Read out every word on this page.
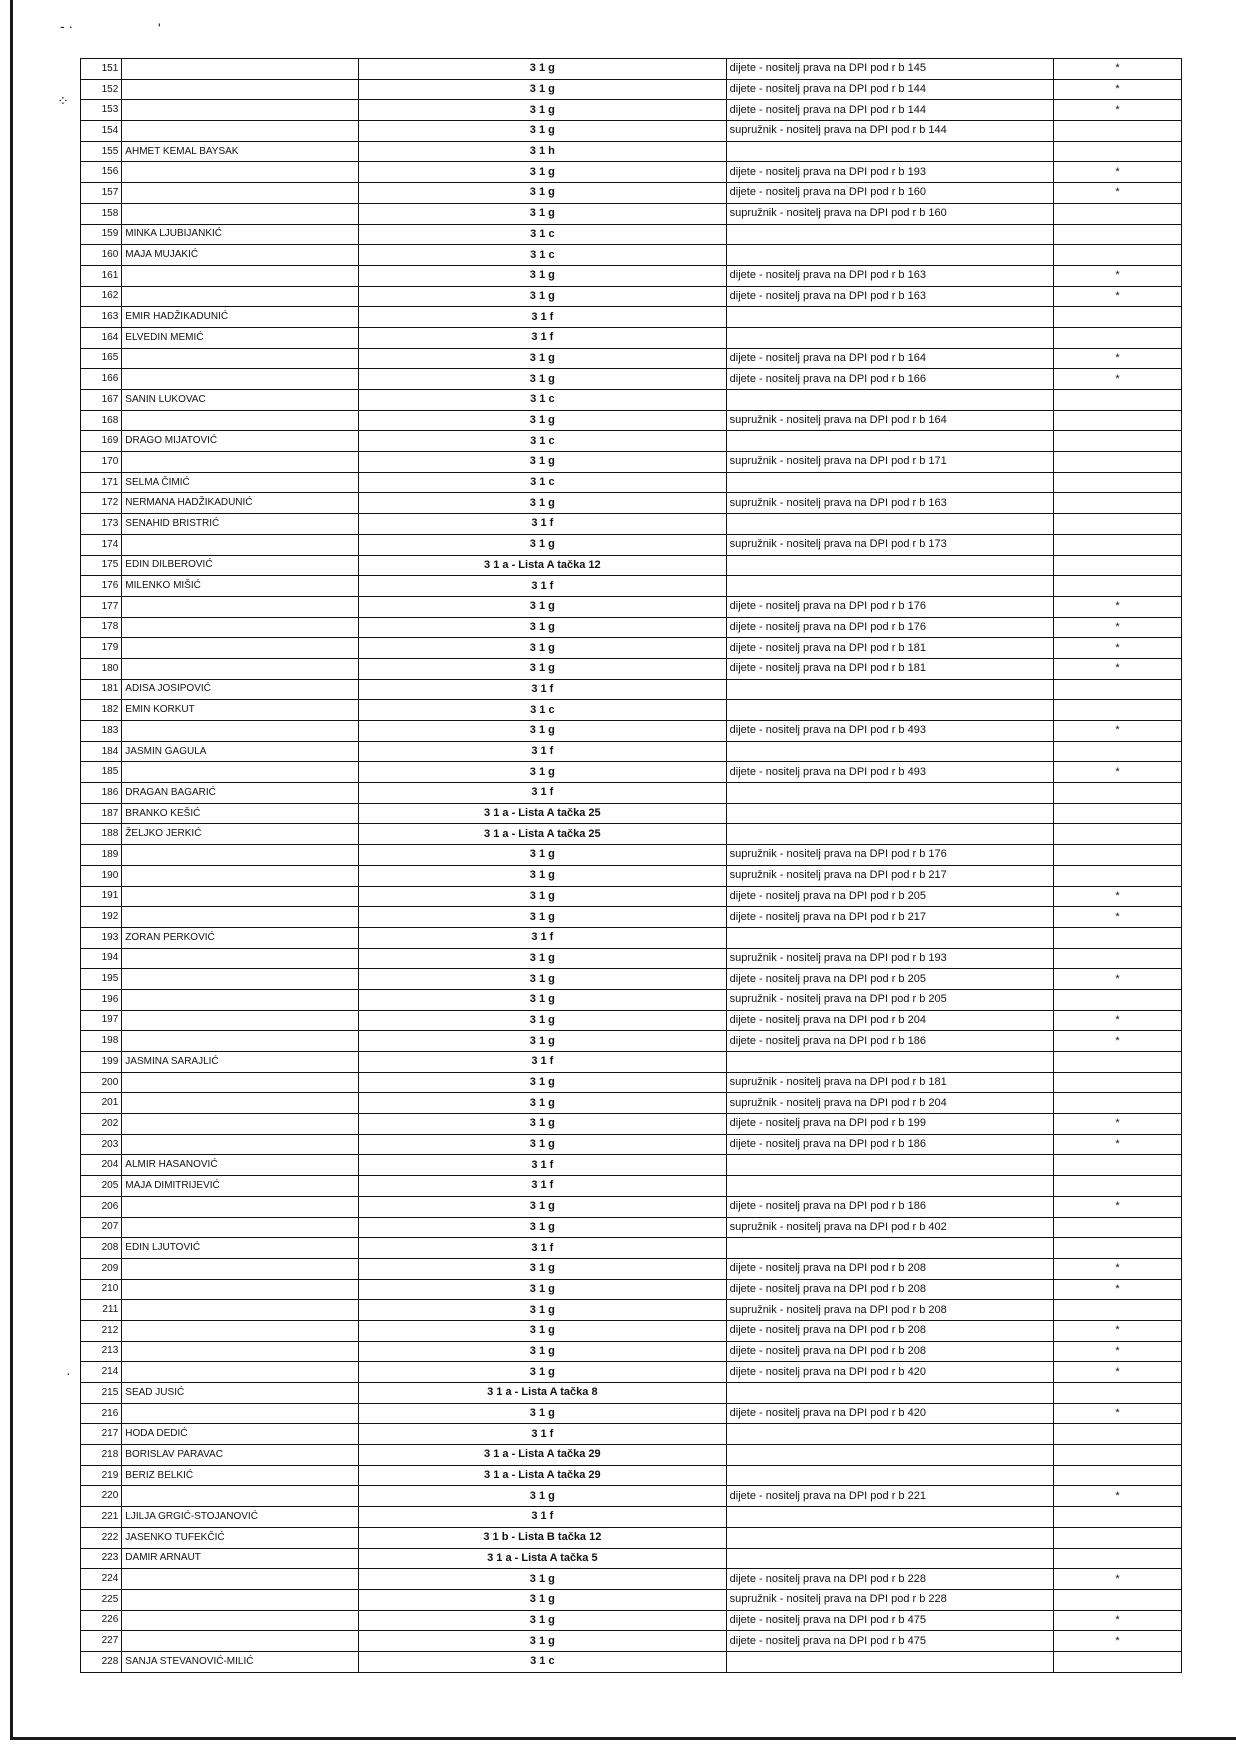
- ·	'
⁘
·
151		3 1 g	dijete - nositelj prava na DPI pod r b 145	*
152		3 1 g	dijete - nositelj prava na DPI pod r b 144	*
153		3 1 g	dijete - nositelj prava na DPI pod r b 144	*
154		3 1 g	supružnik - nositelj prava na DPI pod r b 144	
155	AHMET KEMAL BAYSAK	3 1 h		
156		3 1 g	dijete - nositelj prava na DPI pod r b 193	*
157		3 1 g	dijete - nositelj prava na DPI pod r b 160	*
158		3 1 g	supružnik - nositelj prava na DPI pod r b 160	
159	MINKA LJUBIJANKIĆ	3 1 c		
160	MAJA MUJAKIĆ	3 1 c		
161		3 1 g	dijete - nositelj prava na DPI pod r b 163	*
162		3 1 g	dijete - nositelj prava na DPI pod r b 163	*
163	EMIR HADŽIKADUNIĆ	3 1 f		
164	ELVEDIN MEMIĆ	3 1 f		
165		3 1 g	dijete - nositelj prava na DPI pod r b 164	*
166		3 1 g	dijete - nositelj prava na DPI pod r b 166	*
167	SANIN LUKOVAC	3 1 c		
168		3 1 g	supružnik - nositelj prava na DPI pod r b 164	
169	DRAGO MIJATOVIĆ	3 1 c		
170		3 1 g	supružnik - nositelj prava na DPI pod r b 171	
171	SELMA ČIMIĆ	3 1 c		
172	NERMANA HADŽIKADUNIĆ	3 1 g	supružnik - nositelj prava na DPI pod r b 163	
173	SENAHID BRISTRIĆ	3 1 f		
174		3 1 g	supružnik - nositelj prava na DPI pod r b 173	
175	EDIN DILBEROVIĆ	3 1 a - Lista A tačka 12		
176	MILENKO MIŠIĆ	3 1 f		
177		3 1 g	dijete - nositelj prava na DPI pod r b 176	*
178		3 1 g	dijete - nositelj prava na DPI pod r b 176	*
179		3 1 g	dijete - nositelj prava na DPI pod r b 181	*
180		3 1 g	dijete - nositelj prava na DPI pod r b 181	*
181	ADISA JOSIPOVIĆ	3 1 f		
182	EMIN KORKUT	3 1 c		
183		3 1 g	dijete - nositelj prava na DPI pod r b 493	*
184	JASMIN GAGULA	3 1 f		
185		3 1 g	dijete - nositelj prava na DPI pod r b 493	*
186	DRAGAN BAGARIĆ	3 1 f		
187	BRANKO KEŠIĆ	3 1 a - Lista A tačka 25		
188	ŽELJKO JERKIĆ	3 1 a - Lista A tačka 25		
189		3 1 g	supružnik - nositelj prava na DPI pod r b 176	
190		3 1 g	supružnik - nositelj prava na DPI pod r b 217	
191		3 1 g	dijete - nositelj prava na DPI pod r b 205	*
192		3 1 g	dijete - nositelj prava na DPI pod r b 217	*
193	ZORAN PERKOVIĆ	3 1 f		
194		3 1 g	supružnik - nositelj prava na DPI pod r b 193	
195		3 1 g	dijete - nositelj prava na DPI pod r b 205	*
196		3 1 g	supružnik - nositelj prava na DPI pod r b 205	
197		3 1 g	dijete - nositelj prava na DPI pod r b 204	*
198		3 1 g	dijete - nositelj prava na DPI pod r b 186	*
199	JASMINA SARAJLIĆ	3 1 f		
200		3 1 g	supružnik - nositelj prava na DPI pod r b 181	
201		3 1 g	supružnik - nositelj prava na DPI pod r b 204	
202		3 1 g	dijete - nositelj prava na DPI pod r b 199	*
203		3 1 g	dijete - nositelj prava na DPI pod r b 186	*
204	ALMIR HASANOVIĆ	3 1 f		
205	MAJA DIMITRIJEVIĆ	3 1 f		
206		3 1 g	dijete - nositelj prava na DPI pod r b 186	*
207		3 1 g	supružnik - nositelj prava na DPI pod r b 402	
208	EDIN LJUTOVIĆ	3 1 f		
209		3 1 g	dijete - nositelj prava na DPI pod r b 208	*
210		3 1 g	dijete - nositelj prava na DPI pod r b 208	*
211		3 1 g	supružnik - nositelj prava na DPI pod r b 208	
212		3 1 g	dijete - nositelj prava na DPI pod r b 208	*
213		3 1 g	dijete - nositelj prava na DPI pod r b 208	*
214		3 1 g	dijete - nositelj prava na DPI pod r b 420	*
215	SEAD JUSIĆ	3 1 a - Lista A tačka 8		
216		3 1 g	dijete - nositelj prava na DPI pod r b 420	*
217	HODA DEDIĆ	3 1 f		
218	BORISLAV PARAVAC	3 1 a - Lista A tačka 29		
219	BERIZ BELKIĆ	3 1 a - Lista A tačka 29		
220		3 1 g	dijete - nositelj prava na DPI pod r b 221	*
221	LJILJA GRGIĆ-STOJANOVIĆ	3 1 f		
222	JASENKO TUFEKČIĆ	3 1 b - Lista B tačka 12		
223	DAMIR ARNAUT	3 1 a - Lista A tačka 5		
224		3 1 g	dijete - nositelj prava na DPI pod r b 228	*
225		3 1 g	supružnik - nositelj prava na DPI pod r b 228	
226		3 1 g	dijete - nositelj prava na DPI pod r b 475	*
227		3 1 g	dijete - nositelj prava na DPI pod r b 475	*
228	SANJA STEVANOVIĆ-MILIĆ	3 1 c		
